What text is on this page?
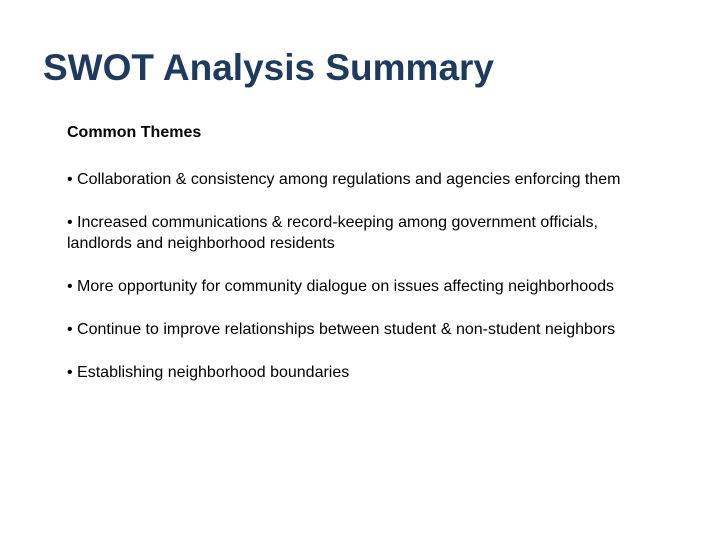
SWOT Analysis Summary
Common Themes
• Collaboration & consistency among regulations and agencies enforcing them
• Increased communications & record-keeping among government officials, landlords and neighborhood residents
• More opportunity for community dialogue on issues affecting neighborhoods
• Continue to improve relationships between student & non-student neighbors
• Establishing neighborhood boundaries
